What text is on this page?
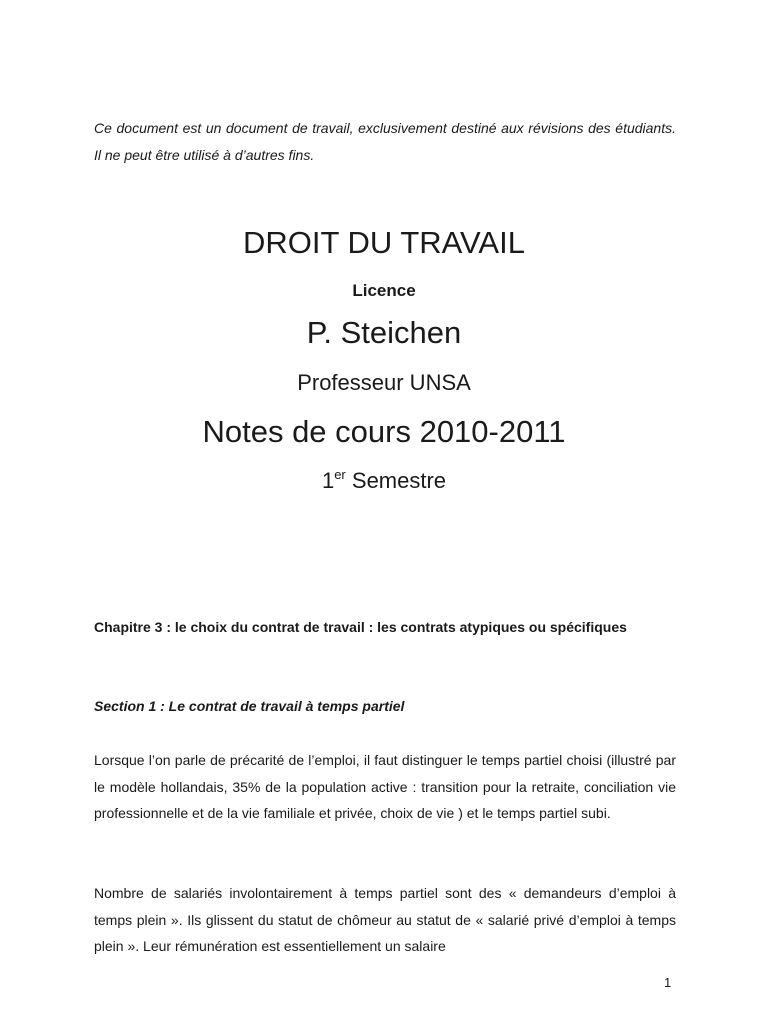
Ce document est un document de travail, exclusivement destiné aux révisions des étudiants. Il ne peut être utilisé à d’autres fins.

DROIT DU TRAVAIL

Licence

P. Steichen

Professeur UNSA

Notes de cours 2010-2011

1er Semestre

Chapitre 3 : le choix du contrat de travail : les contrats atypiques ou spécifiques

Section 1 : Le contrat de travail à temps partiel

Lorsque l’on parle de précarité de l’emploi, il faut distinguer le temps partiel choisi (illustré par le modèle hollandais, 35% de la population active : transition pour la retraite, conciliation vie professionnelle et de la vie familiale et privée, choix de vie ) et le temps partiel subi.

Nombre de salariés involontairement à temps partiel sont des « demandeurs d’emploi à temps plein ». Ils glissent du statut de chômeur au statut de « salarié privé d’emploi à temps plein ». Leur rémunération est essentiellement un salaire

1
